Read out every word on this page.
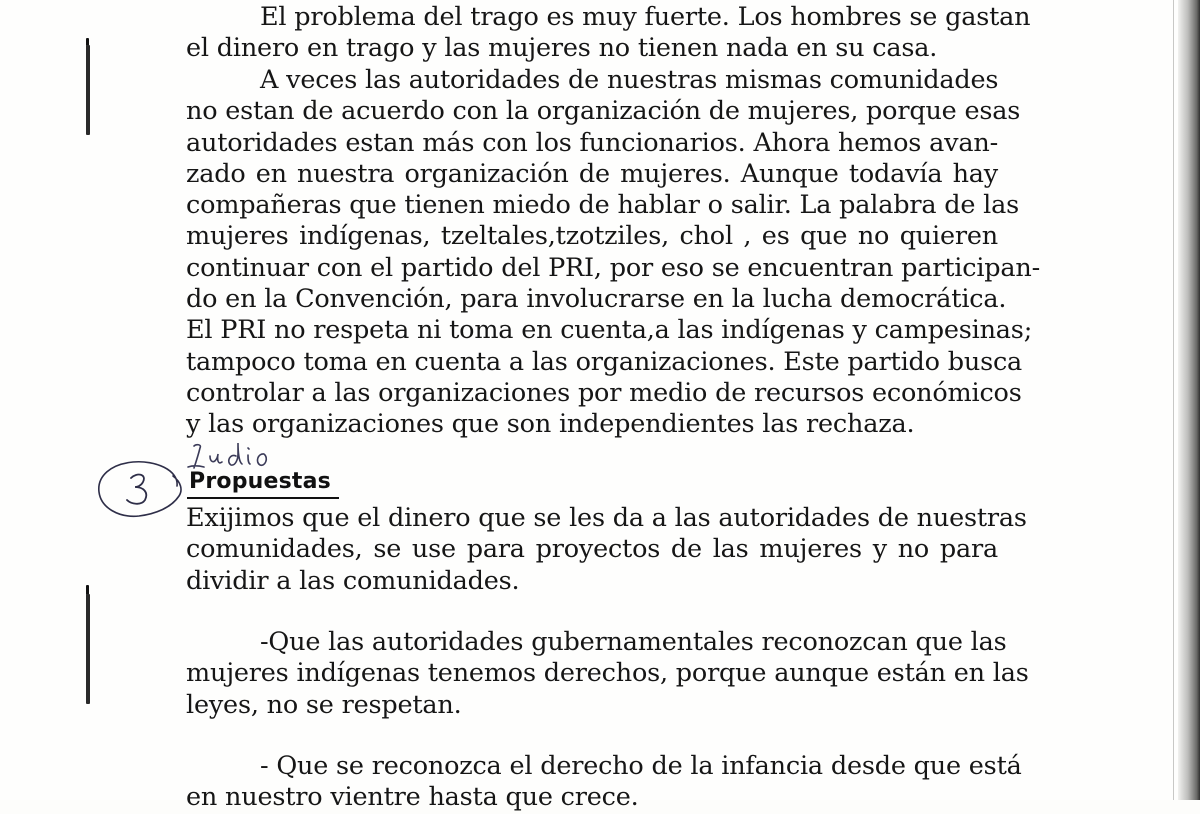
El problema del trago es muy fuerte. Los hombres se gastan
el dinero en trago y las mujeres no tienen nada en su casa.
A veces las autoridades de nuestras mismas comunidades
no estan de acuerdo con la organización de mujeres, porque esas
autoridades estan más con los funcionarios. Ahora hemos avan-
zado en nuestra organización de mujeres. Aunque todavía hay
compañeras que tienen miedo de hablar o salir. La palabra de las
mujeres indígenas, tzeltales,tzotziles, chol , es que no quieren
continuar con el partido del PRI, por eso se encuentran participan-
do en la Convención, para involucrarse en la lucha democrática.
El PRI no respeta ni toma en cuenta,a las indígenas y campesinas;
tampoco toma en cuenta a las organizaciones. Este partido busca
controlar a las organizaciones por medio de recursos económicos
y las organizaciones que son independientes las rechaza.
Propuestas
Exijimos que el dinero que se les da a las autoridades de nuestras
comunidades, se use para proyectos de las mujeres y no para
dividir a las comunidades.
-Que las autoridades gubernamentales reconozcan que las
mujeres indígenas tenemos derechos, porque aunque están en las
leyes, no se respetan.
- Que se reconozca el derecho de la infancia desde que está
en nuestro vientre hasta que crece.
